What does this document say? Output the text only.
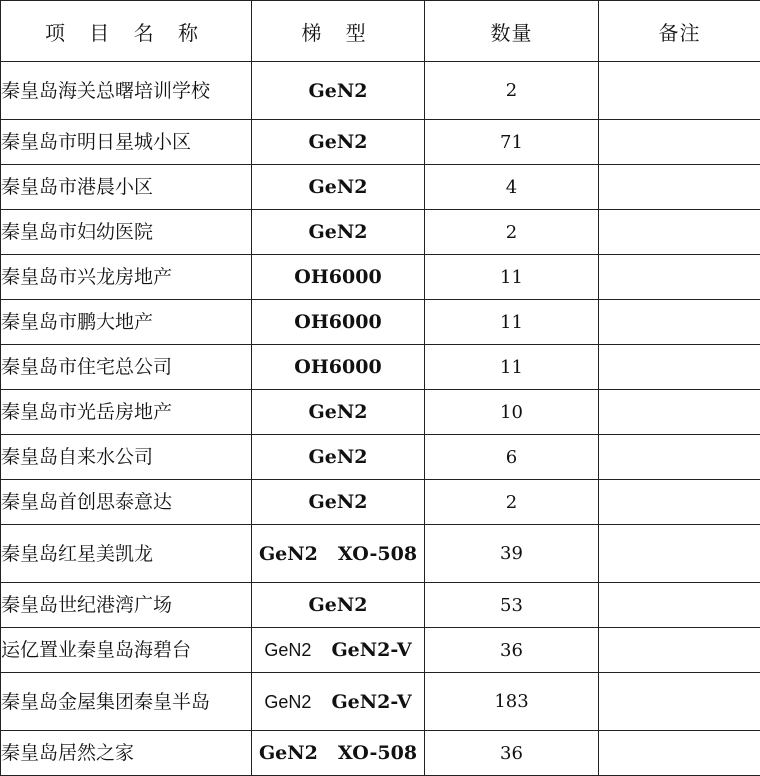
项 目 名 称	梯 型	数量	备注
秦皇岛海关总曙培训学校	GeN2	2	
秦皇岛市明日星城小区	GeN2	71	
秦皇岛市港晨小区	GeN2	4	
秦皇岛市妇幼医院	GeN2	2	
秦皇岛市兴龙房地产	OH6000	11	
秦皇岛市鹏大地产	OH6000	11	
秦皇岛市住宅总公司	OH6000	11	
秦皇岛市光岳房地产	GeN2	10	
秦皇岛自来水公司	GeN2	6	
秦皇岛首创思泰意达	GeN2	2	
秦皇岛红星美凯龙	GeN2 XO-508	39	
秦皇岛世纪港湾广场	GeN2	53	
运亿置业秦皇岛海碧台	GeN2 GeN2-V	36	
秦皇岛金屋集团秦皇半岛	GeN2 GeN2-V	183	
秦皇岛居然之家	GeN2 XO-508	36	
